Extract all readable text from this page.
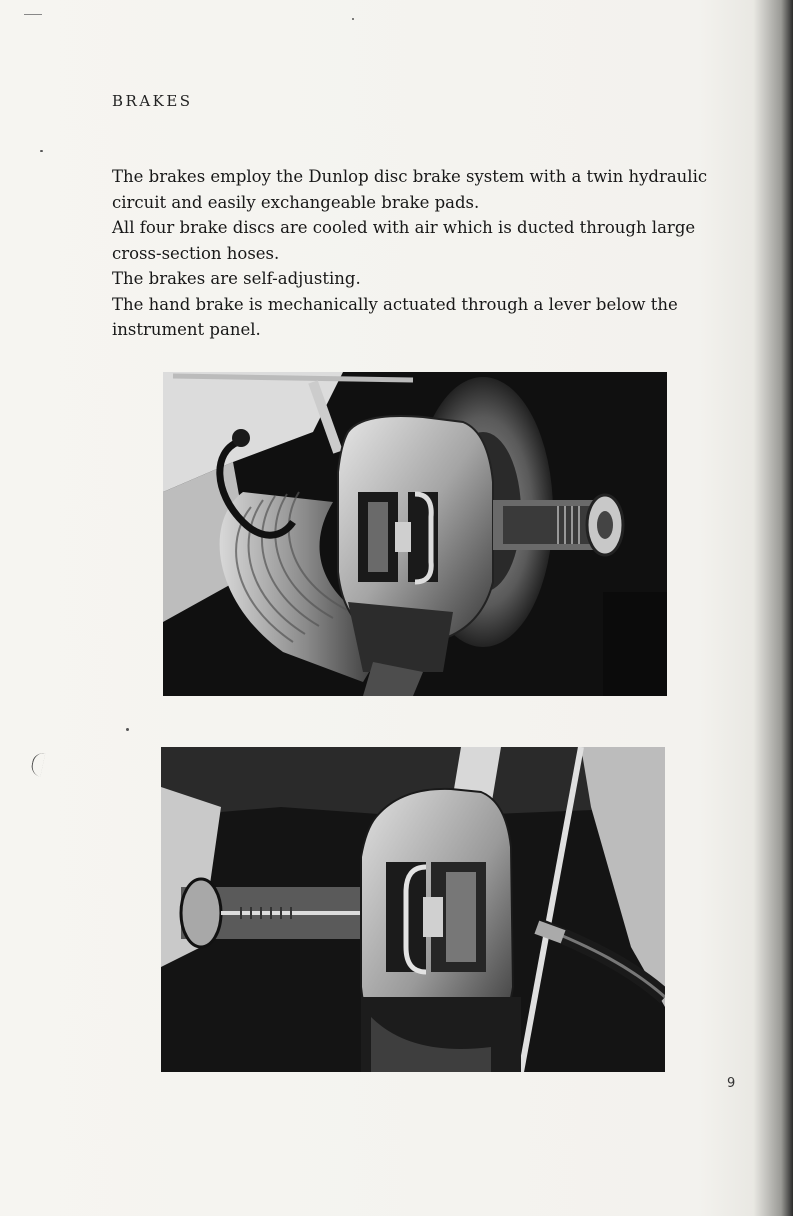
BRAKES

The brakes employ the Dunlop disc brake system with a twin hydraulic circuit and easily exchangeable brake pads.

All four brake discs are cooled with air which is ducted through large cross-section hoses.

The brakes are self-adjusting.

The hand brake is mechanically actuated through a lever below the instrument panel.

9
